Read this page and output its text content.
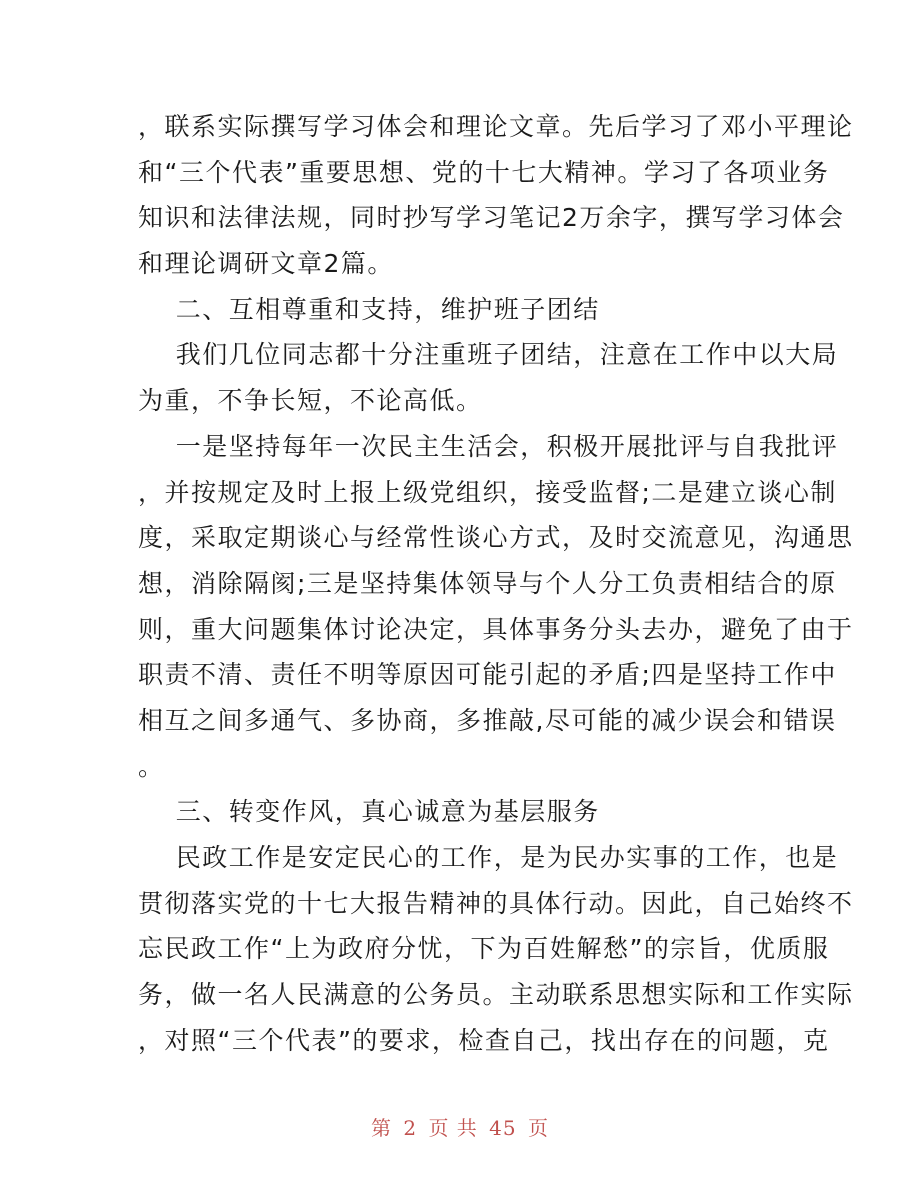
，联系实际撰写学习体会和理论文章。先后学习了邓小平理论
和“三个代表”重要思想、党的十七大精神。学习了各项业务
知识和法律法规，同时抄写学习笔记2万余字，撰写学习体会
和理论调研文章2篇。
二、互相尊重和支持，维护班子团结
我们几位同志都十分注重班子团结，注意在工作中以大局
为重，不争长短，不论高低。
一是坚持每年一次民主生活会，积极开展批评与自我批评
，并按规定及时上报上级党组织，接受监督;二是建立谈心制
度，采取定期谈心与经常性谈心方式，及时交流意见，沟通思
想，消除隔阂;三是坚持集体领导与个人分工负责相结合的原
则，重大问题集体讨论决定，具体事务分头去办，避免了由于
职责不清、责任不明等原因可能引起的矛盾;四是坚持工作中
相互之间多通气、多协商，多推敲,尽可能的减少误会和错误
。
三、转变作风，真心诚意为基层服务
民政工作是安定民心的工作，是为民办实事的工作，也是
贯彻落实党的十七大报告精神的具体行动。因此，自己始终不
忘民政工作“上为政府分忧，下为百姓解愁”的宗旨，优质服
务，做一名人民满意的公务员。主动联系思想实际和工作实际
，对照“三个代表”的要求，检查自己，找出存在的问题，克
第 2 页 共 45 页
